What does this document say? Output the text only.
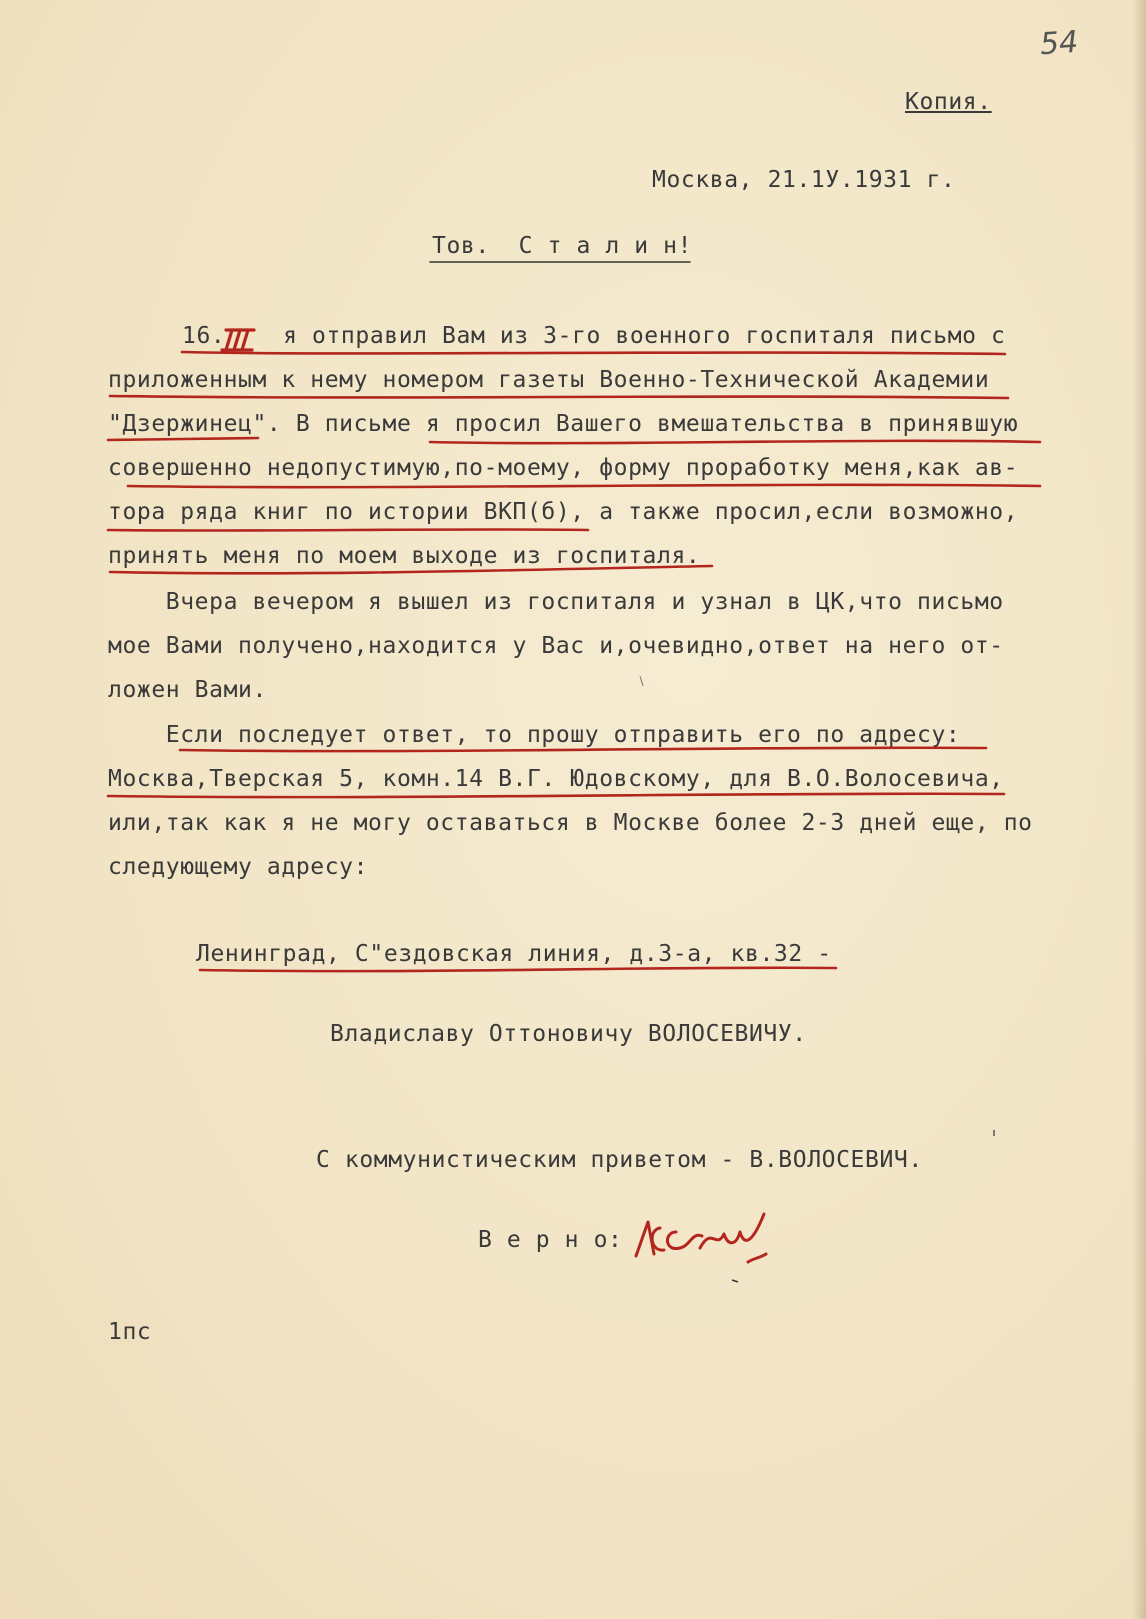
54
Копия.
Москва, 21.1У.1931 г.
Тов.  С т а л и н!
16.    я отправил Вам из 3-го военного госпиталя письмо с
приложенным к нему номером газеты Военно-Технической Академии
"Дзержинец". В письме я просил Вашего вмешательства в принявшую
совершенно недопустимую,по-моему, форму проработку меня,как ав-
тора ряда книг по истории ВКП(б), а также просил,если возможно,
принять меня по моем выходе из госпиталя.
Вчера вечером я вышел из госпиталя и узнал в ЦК,что письмо
мое Вами получено,находится у Вас и,очевидно,ответ на него от-
ложен Вами.
Если последует ответ, то прошу отправить его по адресу:
Москва,Тверская 5, комн.14 В.Г. Юдовскому, для В.О.Волосевича,
или,так как я не могу оставаться в Москве более 2-3 дней еще, по
следующему адресу:
Ленинград, С"ездовская линия, д.3-а, кв.32 -
Владиславу Оттоновичу ВОЛОСЕВИЧУ.
С коммунистическим приветом - В.ВОЛОСЕВИЧ.
В е р н о:
1пс
